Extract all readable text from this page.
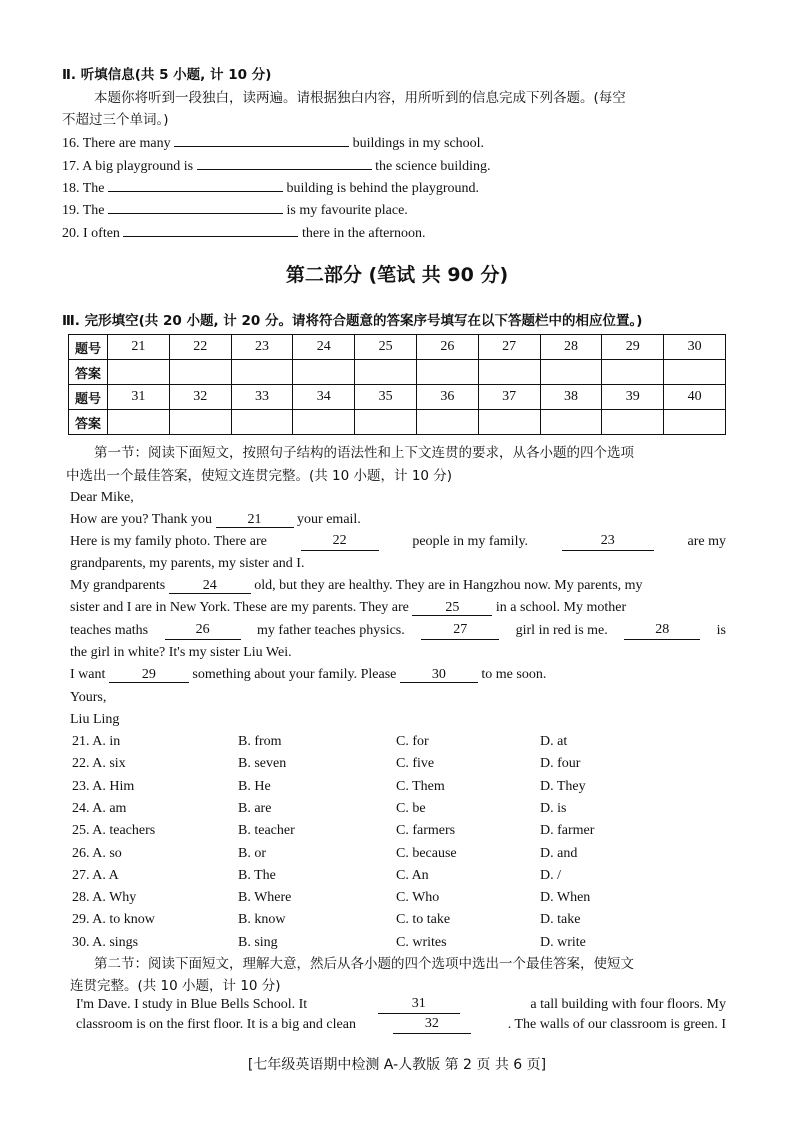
Ⅱ. 听填信息(共 5 小题, 计 10 分)
本题你将听到一段独白，读两遍。请根据独白内容，用所听到的信息完成下列各题。(每空
不超过三个单词。)
16. There are many	buildings in my school.
17. A big playground is	the science building.
18. The	building is behind the playground.
19. The	is my favourite place.
20. I often	there in the afternoon.
第二部分 (笔试 共 90 分)
Ⅲ. 完形填空(共 20 小题, 计 20 分。请将符合题意的答案序号填写在以下答题栏中的相应位置。)
题号	21	22	23	24	25	26	27	28	29	30
答案										
题号	31	32	33	34	35	36	37	38	39	40
答案										
第一节：阅读下面短文，按照句子结构的语法性和上下文连贯的要求，从各小题的四个选项
中选出一个最佳答案，使短文连贯完整。(共 10 小题，计 10 分)
Dear Mike,
How are you? Thank you	21	your email.
Here is my family photo. There are	22	people in my family.	23	are my
grandparents, my parents, my sister and I.
My grandparents	24	old, but they are healthy. They are in Hangzhou now. My parents, my
sister and I are in New York. These are my parents. They are	25	in a school. My mother
teaches maths	26	my father teaches physics.	27	girl in red is me.	28	is
the girl in white? It's my sister Liu Wei.
I want	29	something about your family. Please	30	to me soon.
Yours,
Liu Ling
21. A. in	B. from	C. for	D. at
22. A. six	B. seven	C. five	D. four
23. A. Him	B. He	C. Them	D. They
24. A. am	B. are	C. be	D. is
25. A. teachers	B. teacher	C. farmers	D. farmer
26. A. so	B. or	C. because	D. and
27. A. A	B. The	C. An	D. /
28. A. Why	B. Where	C. Who	D. When
29. A. to know	B. know	C. to take	D. take
30. A. sings	B. sing	C. writes	D. write
第二节：阅读下面短文，理解大意，然后从各小题的四个选项中选出一个最佳答案，使短文
连贯完整。(共 10 小题，计 10 分)
I'm Dave. I study in Blue Bells School. It	31	a tall building with four floors. My
classroom is on the first floor. It is a big and clean	32	. The walls of our classroom is green. I
[七年级英语期中检测 A-人教版 第 2 页 共 6 页]
